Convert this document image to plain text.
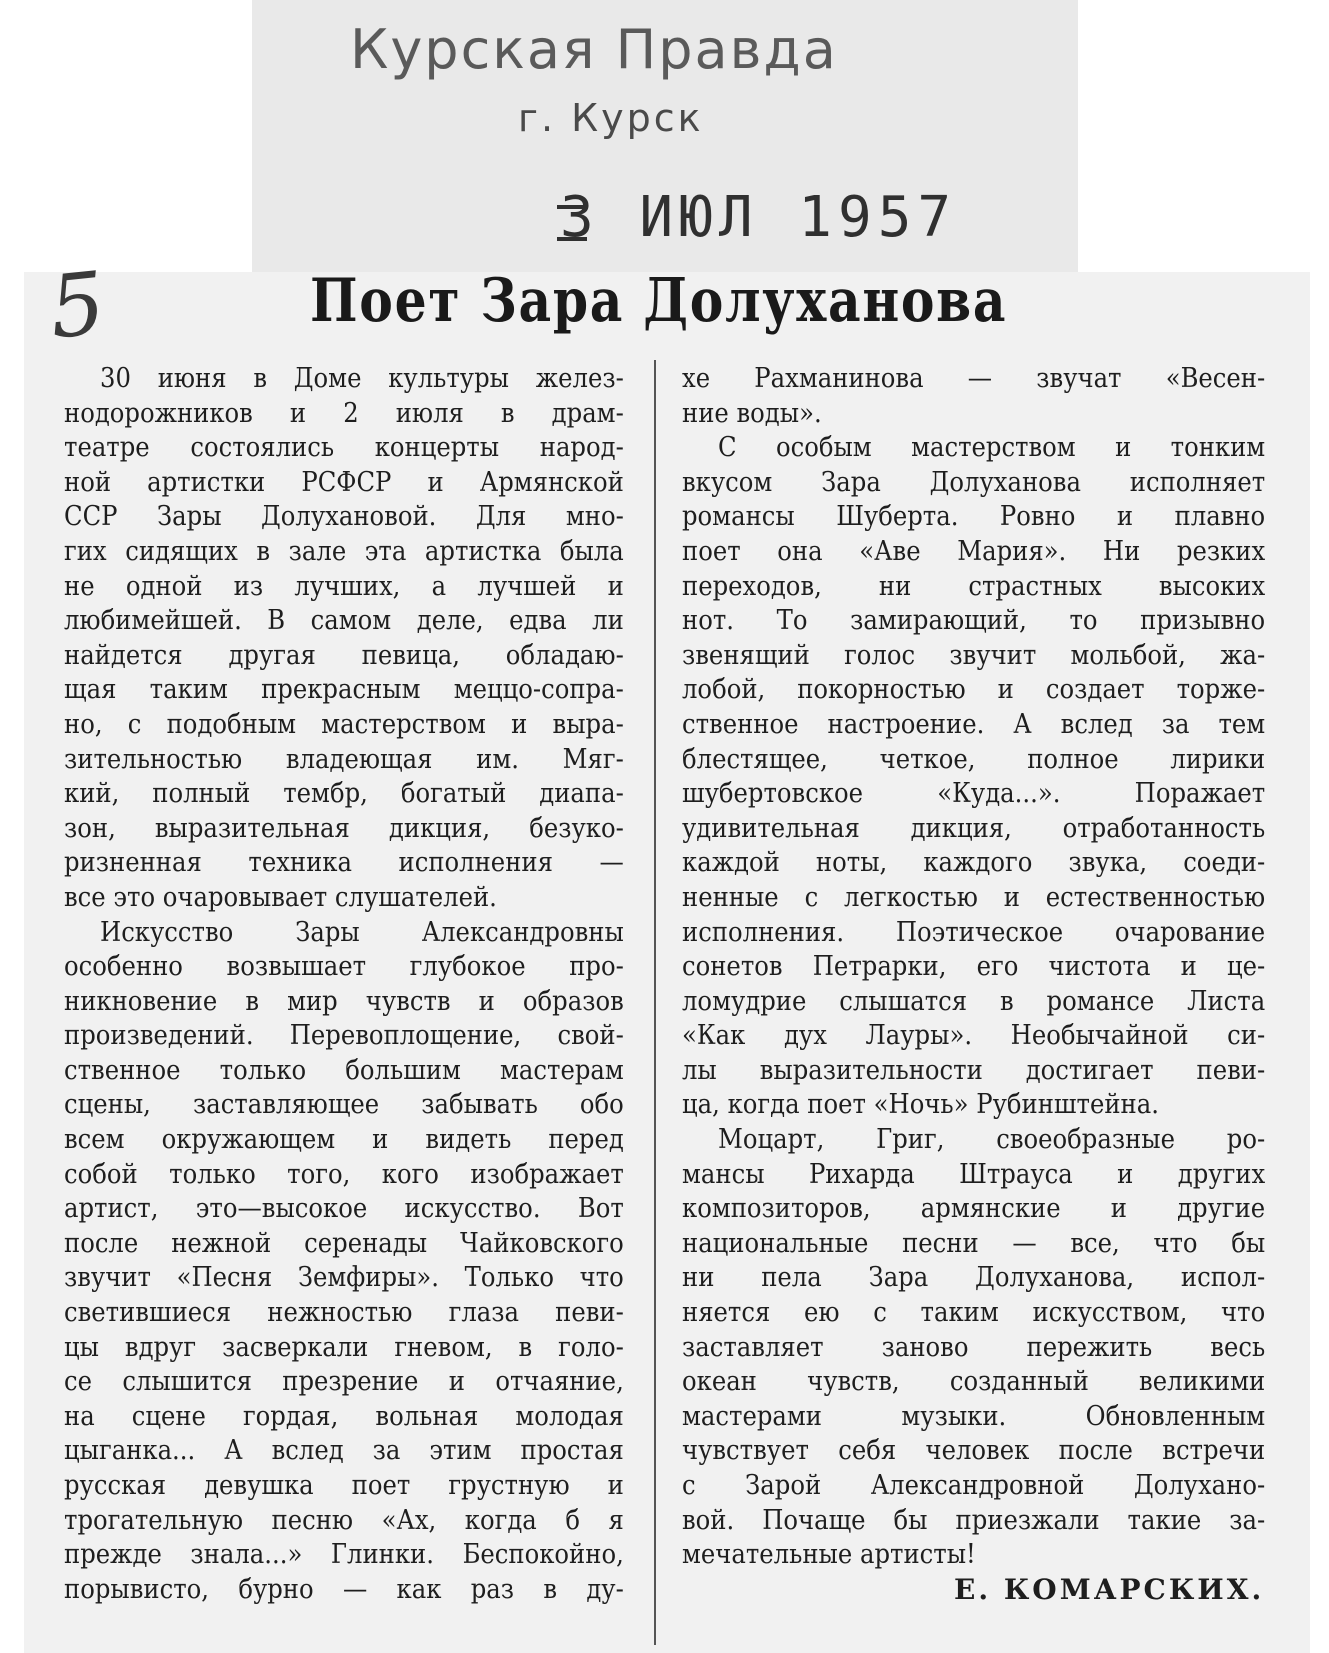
Курская Правда
г. Курск
3 ИЮЛ 1957
5	Поет Зара Долуханова
30 июня в Доме культуры желез-
нодорожников и 2 июля в драм-
театре состоялись концерты народ-
ной артистки РСФСР и Армянской
ССР Зары Долухановой. Для мно-
гих сидящих в зале эта артистка была
не одной из лучших, а лучшей и
любимейшей. В самом деле, едва ли
найдется другая певица, обладаю-
щая таким прекрасным меццо-сопра-
но, с подобным мастерством и выра-
зительностью владеющая им. Мяг-
кий, полный тембр, богатый диапа-
зон, выразительная дикция, безуко-
ризненная техника исполнения —
все это очаровывает слушателей.
Искусство Зары Александровны
особенно возвышает глубокое про-
никновение в мир чувств и образов
произведений. Перевоплощение, свой-
ственное только большим мастерам
сцены, заставляющее забывать обо
всем окружающем и видеть перед
собой только того, кого изображает
артист, это—высокое искусство. Вот
после нежной серенады Чайковского
звучит «Песня Земфиры». Только что
светившиеся нежностью глаза певи-
цы вдруг засверкали гневом, в голо-
се слышится презрение и отчаяние,
на сцене гордая, вольная молодая
цыганка... А вслед за этим простая
русская девушка поет грустную и
трогательную песню «Ах, когда б я
прежде знала...» Глинки. Беспокойно,
порывисто, бурно — как раз в ду-
хе Рахманинова — звучат «Весен-
ние воды».
С особым мастерством и тонким
вкусом Зара Долуханова исполняет
романсы Шуберта. Ровно и плавно
поет она «Аве Мария». Ни резких
переходов, ни страстных высоких
нот. То замирающий, то призывно
звенящий голос звучит мольбой, жа-
лобой, покорностью и создает торже-
ственное настроение. А вслед за тем
блестящее, четкое, полное лирики
шубертовское «Куда...». Поражает
удивительная дикция, отработанность
каждой ноты, каждого звука, соеди-
ненные с легкостью и естественностью
исполнения. Поэтическое очарование
сонетов Петрарки, его чистота и це-
ломудрие слышатся в романсе Листа
«Как дух Лауры». Необычайной си-
лы выразительности достигает певи-
ца, когда поет «Ночь» Рубинштейна.
Моцарт, Григ, своеобразные ро-
мансы Рихарда Штрауса и других
композиторов, армянские и другие
национальные песни — все, что бы
ни пела Зара Долуханова, испол-
няется ею с таким искусством, что
заставляет заново пережить весь
океан чувств, созданный великими
мастерами музыки. Обновленным
чувствует себя человек после встречи
с Зарой Александровной Долухано-
вой. Почаще бы приезжали такие за-
мечательные артисты!
Е. КОМАРСКИХ.
